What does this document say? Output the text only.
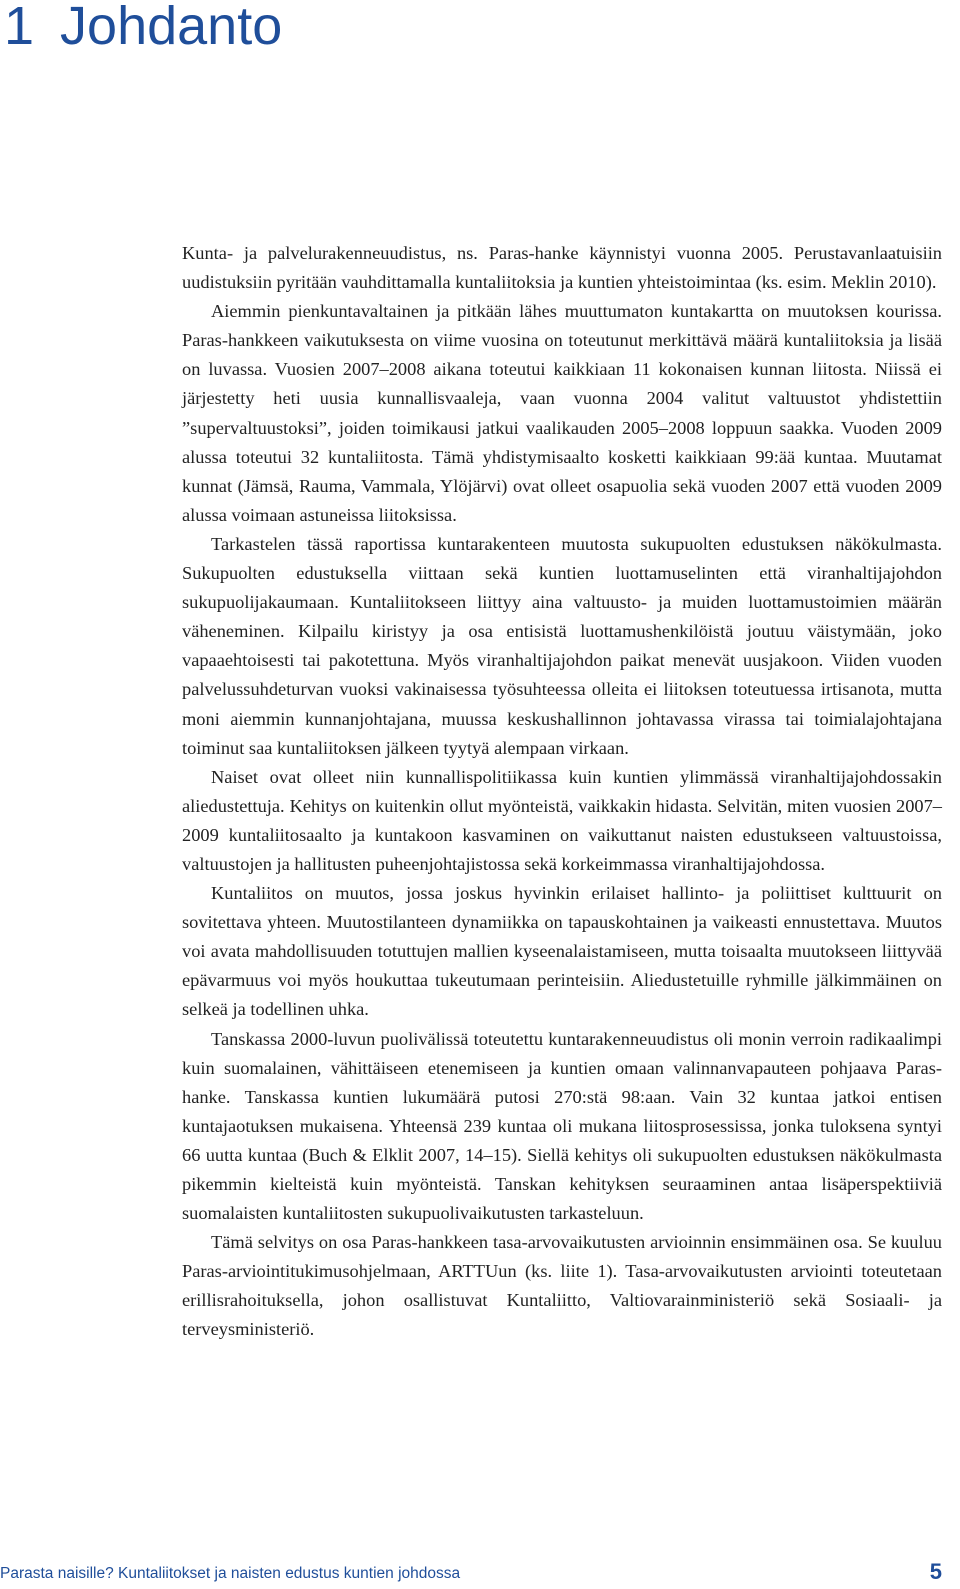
1 Johdanto

Kunta- ja palvelurakenneuudistus, ns. Paras-hanke käynnistyi vuonna 2005. Perustavanlaatuisiin uudistuksiin pyritään vauhdittamalla kuntaliitoksia ja kuntien yhteistoimintaa (ks. esim. Meklin 2010).

Aiemmin pienkuntavaltainen ja pitkään lähes muuttumaton kuntakartta on muutoksen kourissa. Paras-hankkeen vaikutuksesta on viime vuosina on toteutunut merkittävä määrä kuntaliitoksia ja lisää on luvassa. Vuosien 2007–2008 aikana toteutui kaikkiaan 11 kokonaisen kunnan liitosta. Niissä ei järjestetty heti uusia kunnallisvaaleja, vaan vuonna 2004 valitut valtuustot yhdistettiin ”supervaltuustoksi”, joiden toimikausi jatkui vaalikauden 2005–2008 loppuun saakka. Vuoden 2009 alussa toteutui 32 kuntaliitosta. Tämä yhdistymisaalto kosketti kaikkiaan 99:ää kuntaa. Muutamat kunnat (Jämsä, Rauma, Vammala, Ylöjärvi) ovat olleet osapuolia sekä vuoden 2007 että vuoden 2009 alussa voimaan astuneissa liitoksissa.

Tarkastelen tässä raportissa kuntarakenteen muutosta sukupuolten edustuksen näkökulmasta. Sukupuolten edustuksella viittaan sekä kuntien luottamuselinten että viranhaltijajohdon sukupuolijakaumaan. Kuntaliitokseen liittyy aina valtuusto- ja muiden luottamustoimien määrän väheneminen. Kilpailu kiristyy ja osa entisistä luottamushenkilöistä joutuu väistymään, joko vapaaehtoisesti tai pakotettuna. Myös viranhaltijajohdon paikat menevät uusjakoon. Viiden vuoden palvelussuhdeturvan vuoksi vakinaisessa työsuhteessa olleita ei liitoksen toteutuessa irtisanota, mutta moni aiemmin kunnanjohtajana, muussa keskushallinnon johtavassa virassa tai toimialajohtajana toiminut saa kuntaliitoksen jälkeen tyytyä alempaan virkaan.

Naiset ovat olleet niin kunnallispolitiikassa kuin kuntien ylimmässä viranhaltijajohdossakin aliedustettuja. Kehitys on kuitenkin ollut myönteistä, vaikkakin hidasta. Selvitän, miten vuosien 2007–2009 kuntaliitosaalto ja kuntakoon kasvaminen on vaikuttanut naisten edustukseen valtuustoissa, valtuustojen ja hallitusten puheenjohtajistossa sekä korkeimmassa viranhaltijajohdossa.

Kuntaliitos on muutos, jossa joskus hyvinkin erilaiset hallinto- ja poliittiset kulttuurit on sovitettava yhteen. Muutostilanteen dynamiikka on tapauskohtainen ja vaikeasti ennustettava. Muutos voi avata mahdollisuuden totuttujen mallien kyseenalaistamiseen, mutta toisaalta muutokseen liittyvää epävarmuus voi myös houkuttaa tukeutumaan perinteisiin. Aliedustetuille ryhmille jälkimmäinen on selkeä ja todellinen uhka.

Tanskassa 2000-luvun puolivälissä toteutettu kuntarakenneuudistus oli monin verroin radikaalimpi kuin suomalainen, vähittäiseen etenemiseen ja kuntien omaan valinnanvapauteen pohjaava Paras-hanke. Tanskassa kuntien lukumäärä putosi 270:stä 98:aan. Vain 32 kuntaa jatkoi entisen kuntajaotuksen mukaisena. Yhteensä 239 kuntaa oli mukana liitosprosessissa, jonka tuloksena syntyi 66 uutta kuntaa (Buch & Elklit 2007, 14–15). Siellä kehitys oli sukupuolten edustuksen näkökulmasta pikemmin kielteistä kuin myönteistä. Tanskan kehityksen seuraaminen antaa lisäperspektiiviä suomalaisten kuntaliitosten sukupuolivaikutusten tarkasteluun.

Tämä selvitys on osa Paras-hankkeen tasa-arvovaikutusten arvioinnin ensimmäinen osa. Se kuuluu Paras-arviointitukimusohjelmaan, ARTTUun (ks. liite 1). Tasa-arvovaikutusten arviointi toteutetaan erillisrahoituksella, johon osallistuvat Kuntaliitto, Valtiovarainministeriö sekä Sosiaali- ja terveysministeriö.

Parasta naisille? Kuntaliitokset ja naisten edustus kuntien johdossa	5
